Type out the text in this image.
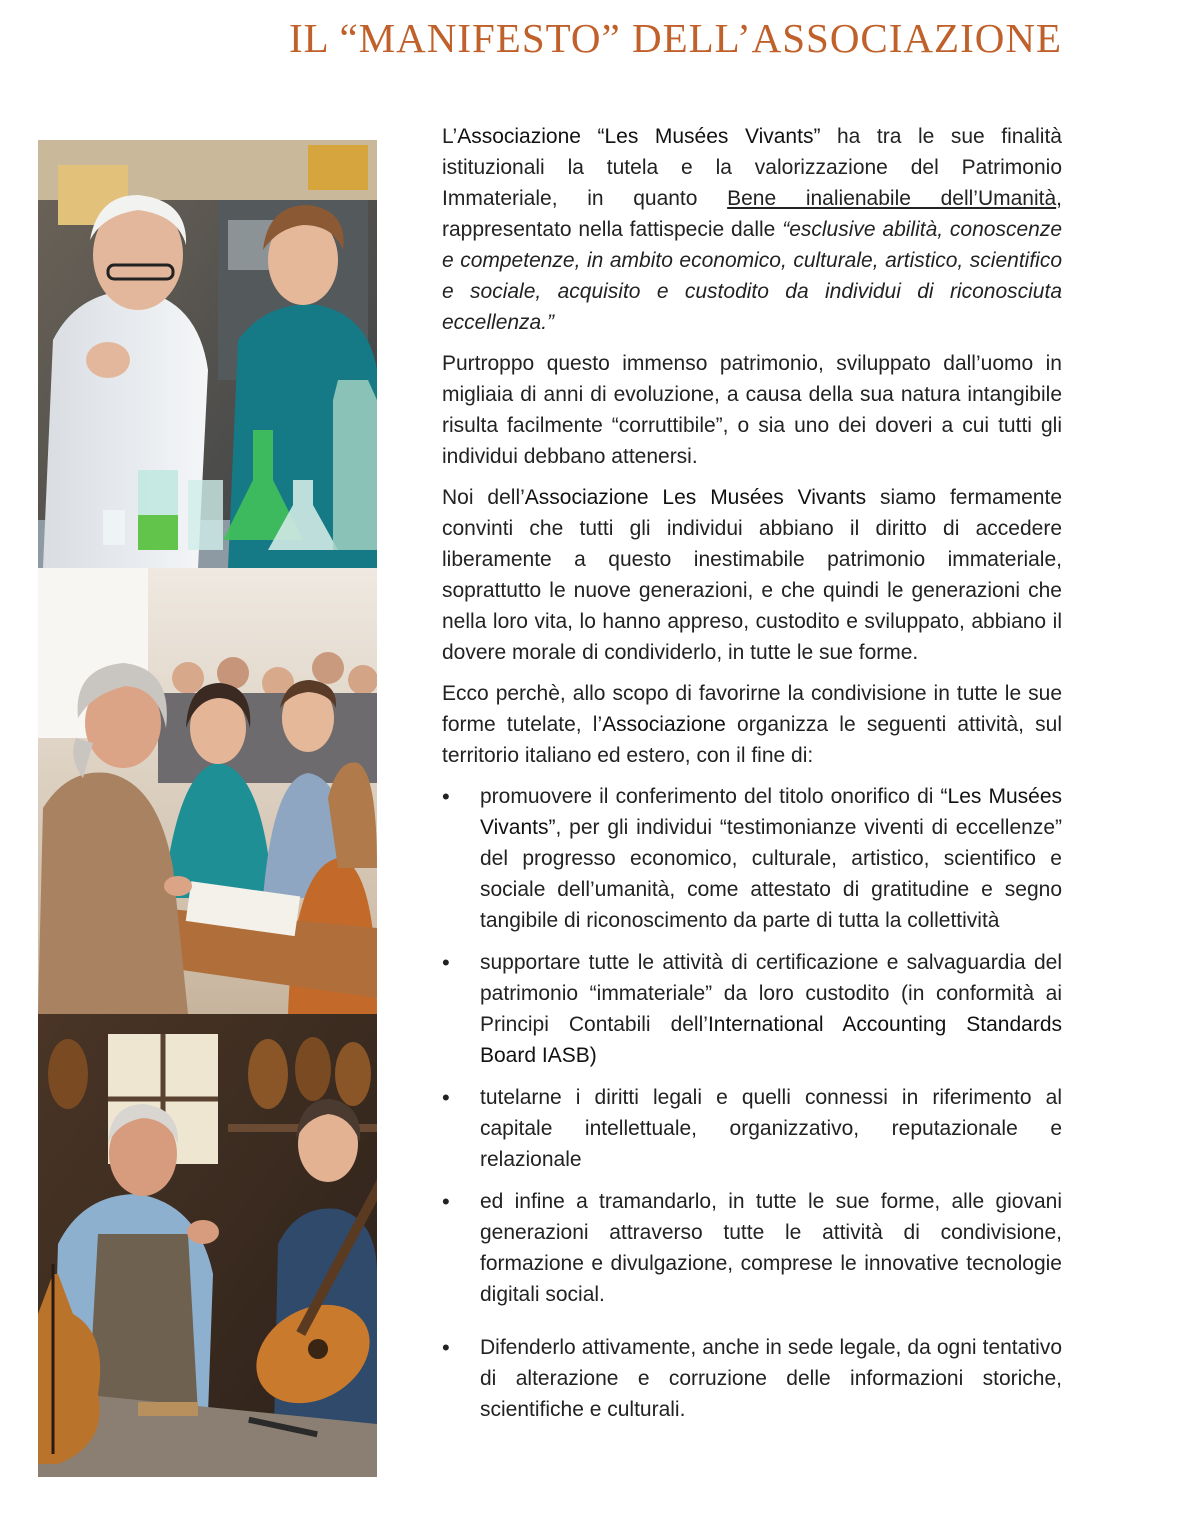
IL “MANIFESTO” DELL’ASSOCIAZIONE

L’Associazione “Les Musées Vivants” ha tra le sue finalità istituzionali la tutela e la valorizzazione del Patrimonio Immateriale, in quanto Bene inalienabile dell’Umanità, rappresentato nella fattispecie dalle “esclusive abilità, conoscenze e competenze, in ambito economico, culturale, artistico, scientifico e sociale, acquisito e custodito da individui di riconosciuta eccellenza.”

Purtroppo questo immenso patrimonio, sviluppato dall’uomo in migliaia di anni di evoluzione, a causa della sua natura intangibile risulta facilmente “corruttibile”, o sia uno dei doveri a cui tutti gli individui debbano attenersi.

Noi dell’Associazione Les Musées Vivants siamo fermamente convinti che tutti gli individui abbiano il diritto di accedere liberamente a questo inestimabile patrimonio immateriale, soprattutto le nuove generazioni, e che quindi le generazioni che nella loro vita, lo hanno appreso, custodito e sviluppato, abbiano il dovere morale di condividerlo, in tutte le sue forme.

Ecco perchè, allo scopo di favorirne la condivisione in tutte le sue forme tutelate, l’Associazione organizza le seguenti attività, sul territorio italiano ed estero, con il fine di:

• promuovere il conferimento del titolo onorifico di “Les Musées Vivants”, per gli individui “testimonianze viventi di eccellenze” del progresso economico, culturale, artistico, scientifico e sociale dell’umanità, come attestato di gratitudine e segno tangibile di riconoscimento da parte di tutta la collettività
• supportare tutte le attività di certificazione e salvaguardia del patrimonio “immateriale” da loro custodito (in conformità ai Principi Contabili dell’International Accounting Standards Board IASB)
• tutelarne i diritti legali e quelli connessi in riferimento al capitale intellettuale, organizzativo, reputazionale e relazionale
• ed infine a tramandarlo, in tutte le sue forme, alle giovani generazioni attraverso tutte le attività di condivisione, formazione e divulgazione, comprese le innovative tecnologie digitali social.
• Difenderlo attivamente, anche in sede legale, da ogni tentativo di alterazione e corruzione delle informazioni storiche, scientifiche e culturali.
